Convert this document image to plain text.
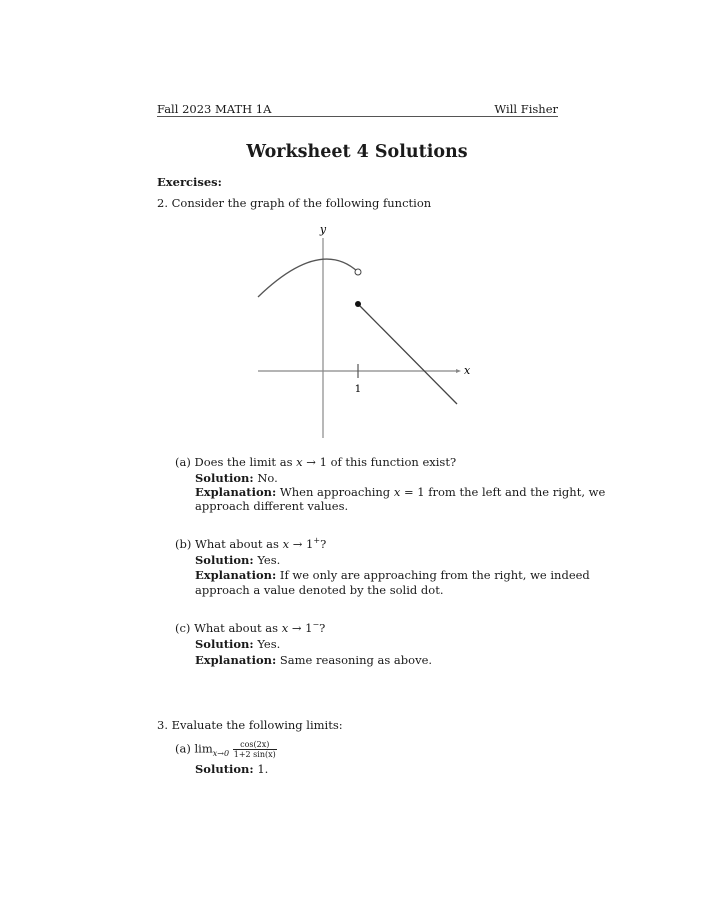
Fall 2023 MATH 1A	Will Fisher
Worksheet 4 Solutions
Exercises:
2. Consider the graph of the following function
y
x
1
(a) Does the limit as x → 1 of this function exist?
Solution: No.
Explanation: When approaching x = 1 from the left and the right, we
approach different values.
(b) What about as x → 1+?
Solution: Yes.
Explanation: If we only are approaching from the right, we indeed
approach a value denoted by the solid dot.
(c) What about as x → 1−?
Solution: Yes.
Explanation: Same reasoning as above.
3. Evaluate the following limits:
(a) $\lim_{x\to 0} \frac{\cos(2x)}{1+2 \sin(x)}$
Solution: 1.
